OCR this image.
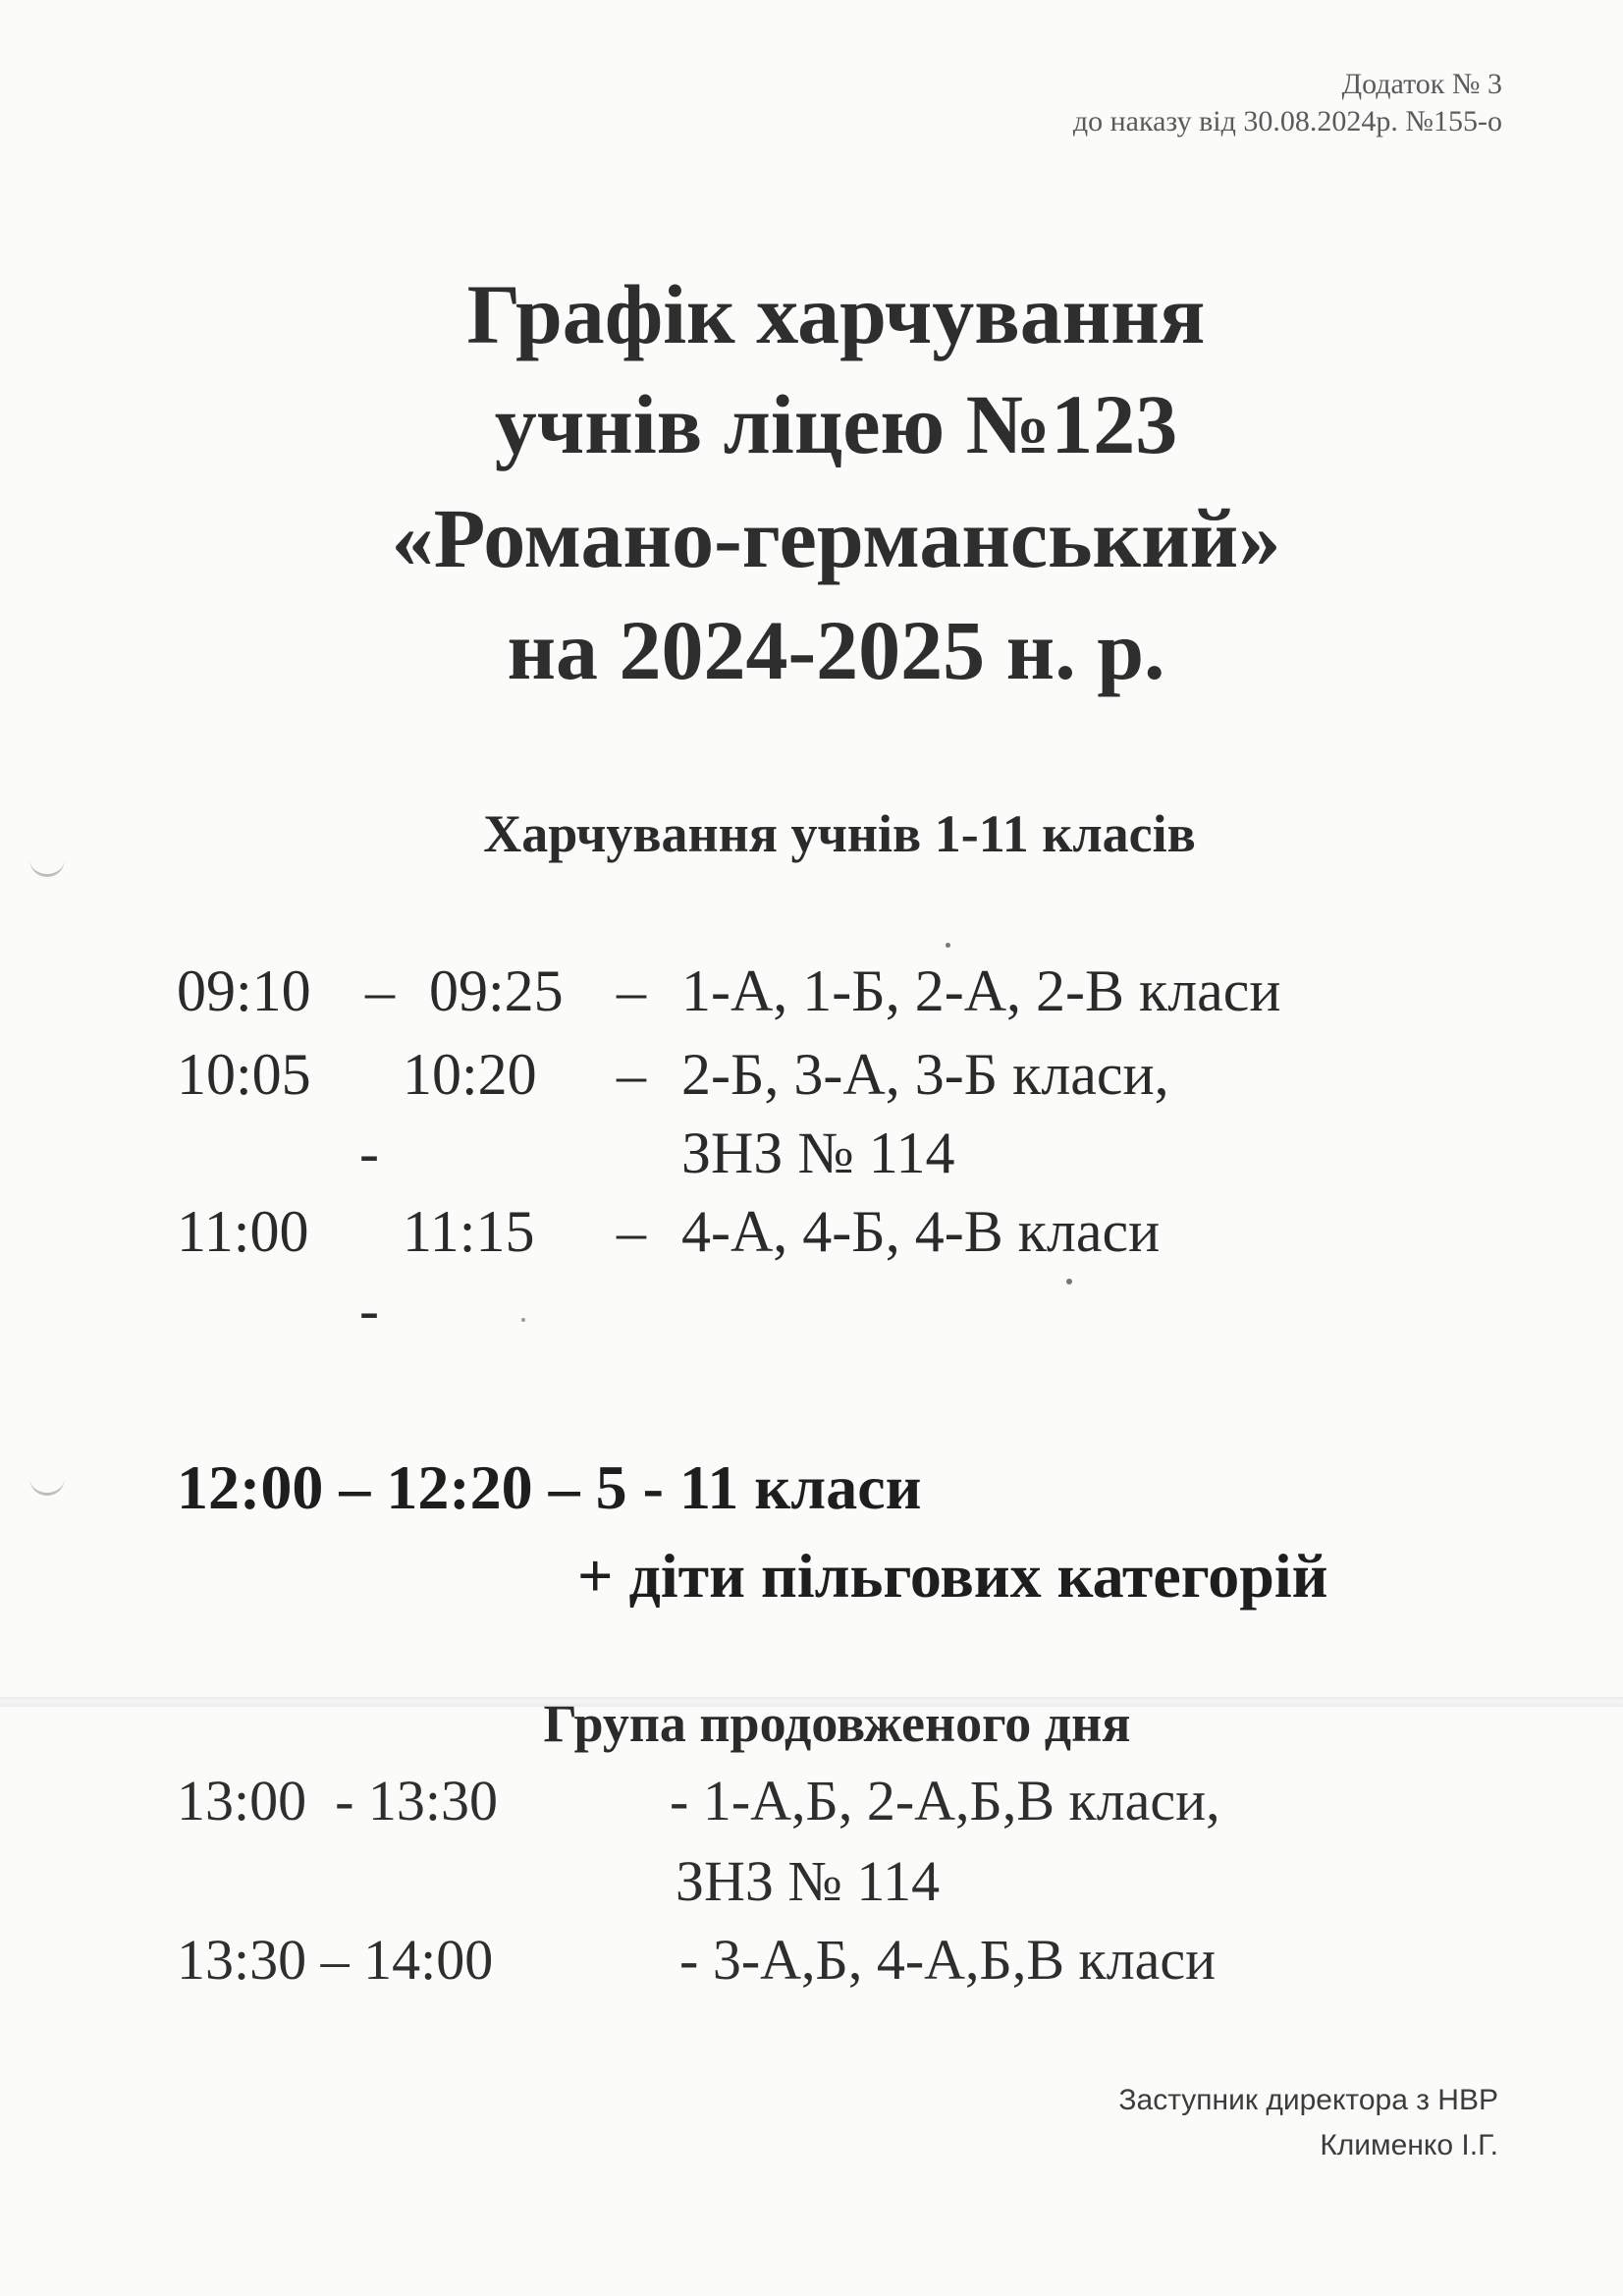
Додаток № 3
до наказу від 30.08.2024р. №155-о
Графік харчування
учнів ліцею №123
«Романо-германський»
на 2024-2025 н. р.
Харчування учнів 1-11 класів
09:10 – 09:25 – 1-А, 1-Б, 2-А, 2-В класи
10:05
-
10:20 – 2-Б, 3-А, 3-Б класи,
ЗНЗ № 114
11:00
-
11:15 – 4-А, 4-Б, 4-В класи
12:00 – 12:20 – 5 - 11 класи
+ діти пільгових категорій
Група продовженого дня
13:00  - 13:30	- 1-А,Б, 2-А,Б,В класи,
ЗНЗ № 114
13:30 – 14:00	- 3-А,Б, 4-А,Б,В класи
Заступник директора з НВР
Клименко І.Г.
